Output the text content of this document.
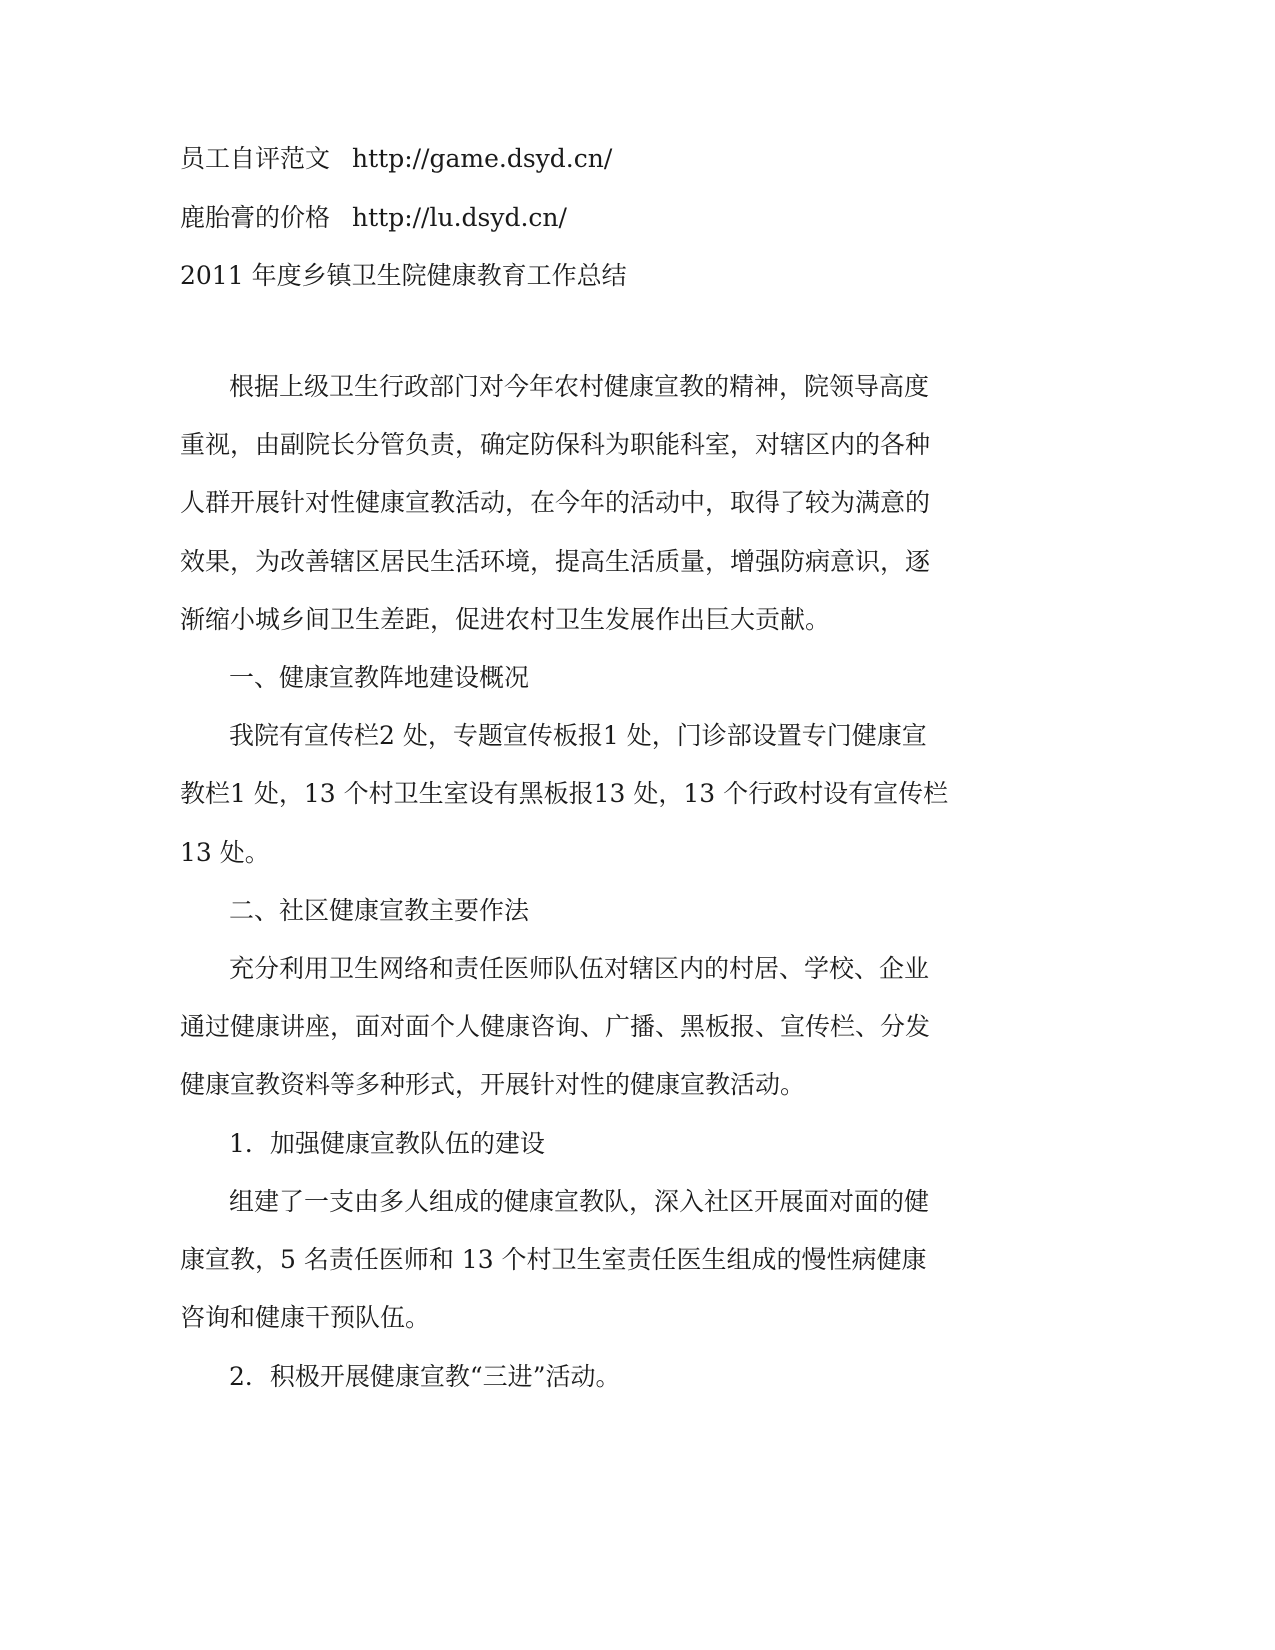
员工自评范文 http://game.dsyd.cn/
鹿胎膏的价格 http://lu.dsyd.cn/
2011 年度乡镇卫生院健康教育工作总结
根据上级卫生行政部门对今年农村健康宣教的精神，院领导高度
重视，由副院长分管负责，确定防保科为职能科室，对辖区内的各种
人群开展针对性健康宣教活动，在今年的活动中，取得了较为满意的
效果，为改善辖区居民生活环境，提高生活质量，增强防病意识，逐
渐缩小城乡间卫生差距，促进农村卫生发展作出巨大贡献。
一、健康宣教阵地建设概况
我院有宣传栏2 处，专题宣传板报1 处，门诊部设置专门健康宣
教栏1 处，13 个村卫生室设有黑板报13 处，13 个行政村设有宣传栏
13 处。
二、社区健康宣教主要作法
充分利用卫生网络和责任医师队伍对辖区内的村居、学校、企业
通过健康讲座，面对面个人健康咨询、广播、黑板报、宣传栏、分发
健康宣教资料等多种形式，开展针对性的健康宣教活动。
1．加强健康宣教队伍的建设
组建了一支由多人组成的健康宣教队，深入社区开展面对面的健
康宣教，5 名责任医师和 13 个村卫生室责任医生组成的慢性病健康
咨询和健康干预队伍。
2．积极开展健康宣教“三进”活动。
